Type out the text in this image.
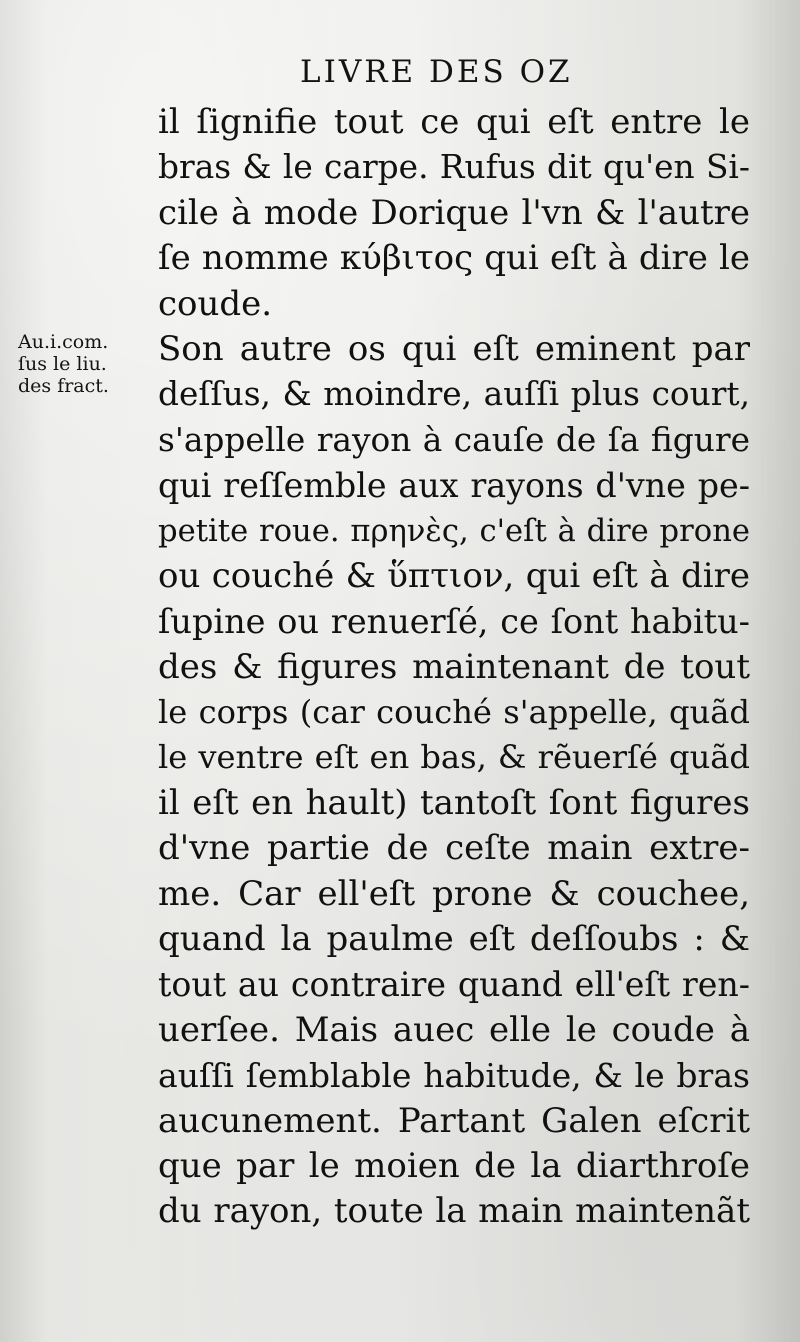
LIVRE DES OZ
Au.i.com.
ſus le liu.
des fract.
il ſignifie tout ce qui eſt entre le
bras & le carpe. Rufus dit qu'en Si-
cile à mode Dorique l'vn & l'autre
ſe nomme κύβιτος qui eſt à dire le
coude.
Son autre os qui eſt eminent par
deſſus, & moindre, auſſi plus court,
s'appelle rayon à cauſe de ſa figure
qui reſſemble aux rayons d'vne pe-
petite roue. πρηνὲς, c'eſt à dire prone
ou couché & ὕπτιον, qui eſt à dire
ſupine ou renuerſé, ce ſont habitu-
des & figures maintenant de tout
le corps (car couché s'appelle, quãd
le ventre eſt en bas, & rẽuerſé quãd
il eſt en hault) tantoſt ſont figures
d'vne partie de ceſte main extre-
me. Car ell'eſt prone & couchee,
quand la paulme eſt deſſoubs : &
tout au contraire quand ell'eſt ren-
uerſee. Mais auec elle le coude à
auſſi ſemblable habitude, & le bras
aucunement. Partant Galen eſcrit
que par le moien de la diarthroſe
du rayon, toute la main maintenãt
